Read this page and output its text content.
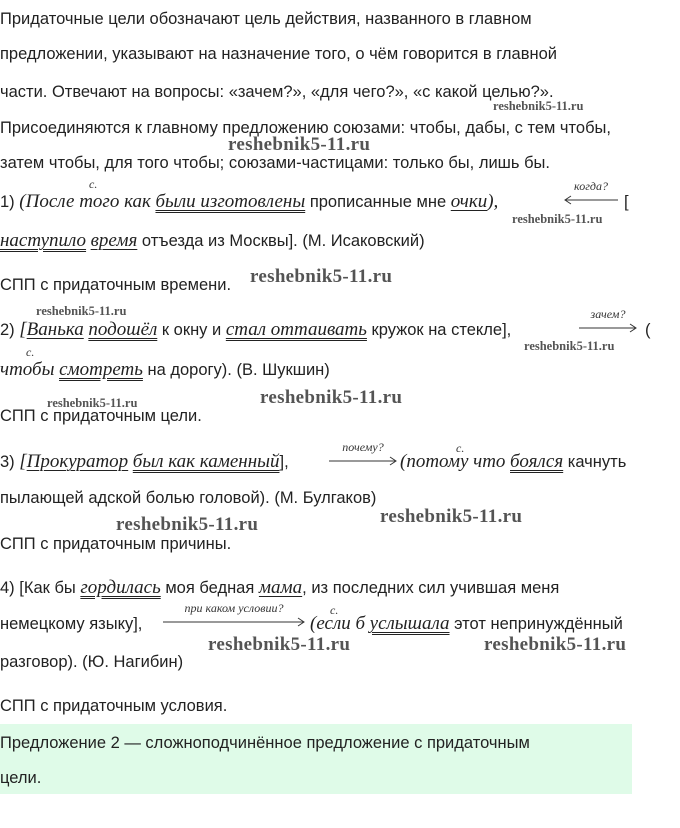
Придаточные цели обозначают цель действия, названного в главном
предложении, указывают на назначение того, о чём говорится в главной
части. Отвечают на вопросы: «зачем?», «для чего?», «с какой целью?».
Присоединяются к главному предложению союзами: чтобы, дабы, с тем чтобы,
затем чтобы, для того чтобы; союзами-частицами: только бы, лишь бы.
с.
1) (После того как были изготовлены прописанные мне очки),
когда?
[
наступило время отъезда из Москвы]. (М. Исаковский)
СПП с придаточным времени.
2) [Ванька подошёл к окну и стал оттаивать кружок на стекле],
зачем?
(
с.
чтобы смотреть на дорогу). (В. Шукшин)
СПП с придаточным цели.
3) [Прокуратор был как каменный],
почему?	с.
(потому что боялся качнуть
пылающей адской болью головой). (М. Булгаков)
СПП с придаточным причины.
4) [Как бы гордилась моя бедная мама, из последних сил учившая меня
немецкому языку],
при каком условии?	с.
(если б услышала этот непринуждённый
разговор). (Ю. Нагибин)
СПП с придаточным условия.
Предложение 2 — сложноподчинённое предложение с придаточным
цели.
reshebnik5-11.ru
reshebnik5-11.ru
reshebnik5-11.ru
reshebnik5-11.ru
reshebnik5-11.ru
reshebnik5-11.ru
reshebnik5-11.ru	reshebnik5-11.ru
reshebnik5-11.ru
reshebnik5-11.ru
reshebnik5-11.ru	reshebnik5-11.ru
